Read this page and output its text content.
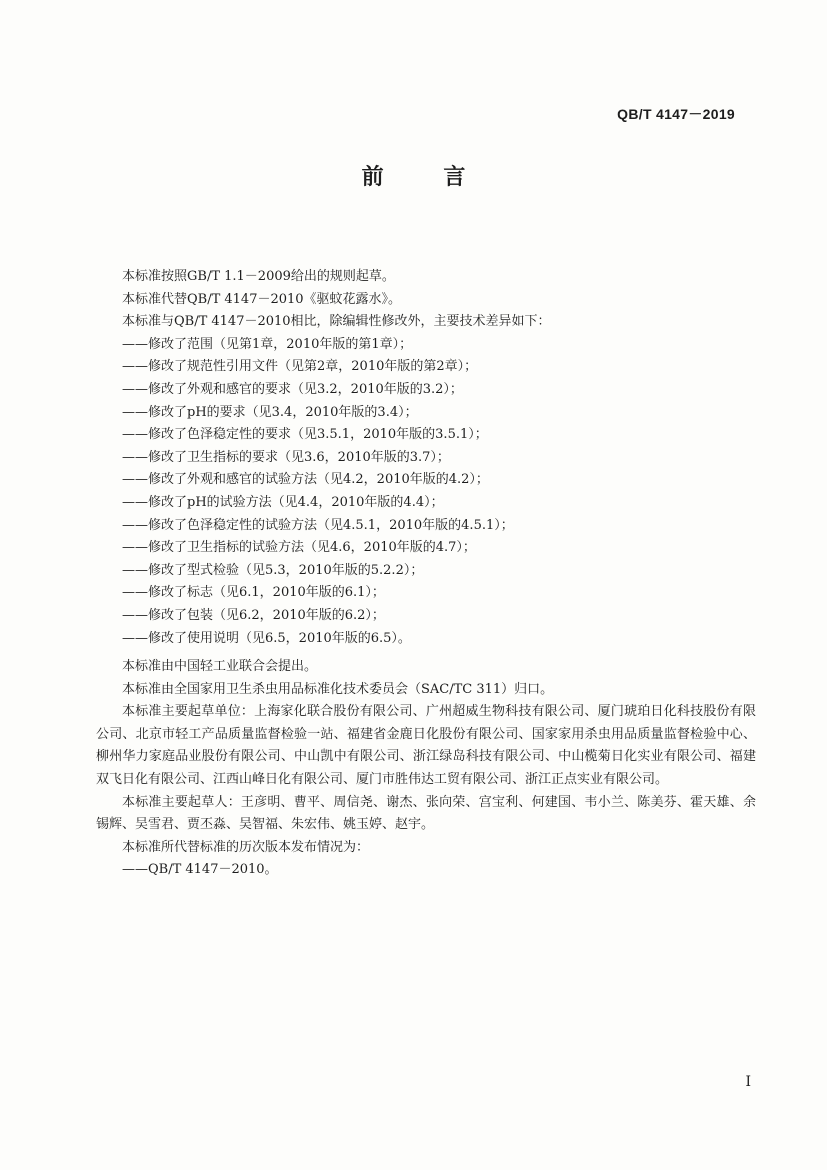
QB/T 4147－2019
前 言

本标准按照GB/T 1.1－2009给出的规则起草。

本标准代替QB/T 4147－2010《驱蚊花露水》。

本标准与QB/T 4147－2010相比，除编辑性修改外，主要技术差异如下：

——修改了范围（见第1章，2010年版的第1章）；

——修改了规范性引用文件（见第2章，2010年版的第2章）；

——修改了外观和感官的要求（见3.2，2010年版的3.2）；

——修改了pH的要求（见3.4，2010年版的3.4）；

——修改了色泽稳定性的要求（见3.5.1，2010年版的3.5.1）；

——修改了卫生指标的要求（见3.6，2010年版的3.7）；

——修改了外观和感官的试验方法（见4.2，2010年版的4.2）；

——修改了pH的试验方法（见4.4，2010年版的4.4）；

——修改了色泽稳定性的试验方法（见4.5.1，2010年版的4.5.1）；

——修改了卫生指标的试验方法（见4.6，2010年版的4.7）；

——修改了型式检验（见5.3，2010年版的5.2.2）；

——修改了标志（见6.1，2010年版的6.1）；

——修改了包装（见6.2，2010年版的6.2）；

——修改了使用说明（见6.5，2010年版的6.5）。

本标准由中国轻工业联合会提出。

本标准由全国家用卫生杀虫用品标准化技术委员会（SAC/TC 311）归口。

本标准主要起草单位：上海家化联合股份有限公司、广州超威生物科技有限公司、厦门琥珀日化科技股份有限公司、北京市轻工产品质量监督检验一站、福建省金鹿日化股份有限公司、国家家用杀虫用品质量监督检验中心、柳州华力家庭品业股份有限公司、中山凯中有限公司、浙江绿岛科技有限公司、中山榄菊日化实业有限公司、福建双飞日化有限公司、江西山峰日化有限公司、厦门市胜伟达工贸有限公司、浙江正点实业有限公司。

本标准主要起草人：王彦明、曹平、周信尧、谢杰、张向荣、宫宝利、何建国、韦小兰、陈美芬、霍天雄、余锡辉、吴雪君、贾丕淼、吴智福、朱宏伟、姚玉婷、赵宇。

本标准所代替标准的历次版本发布情况为：

——QB/T 4147－2010。

I
